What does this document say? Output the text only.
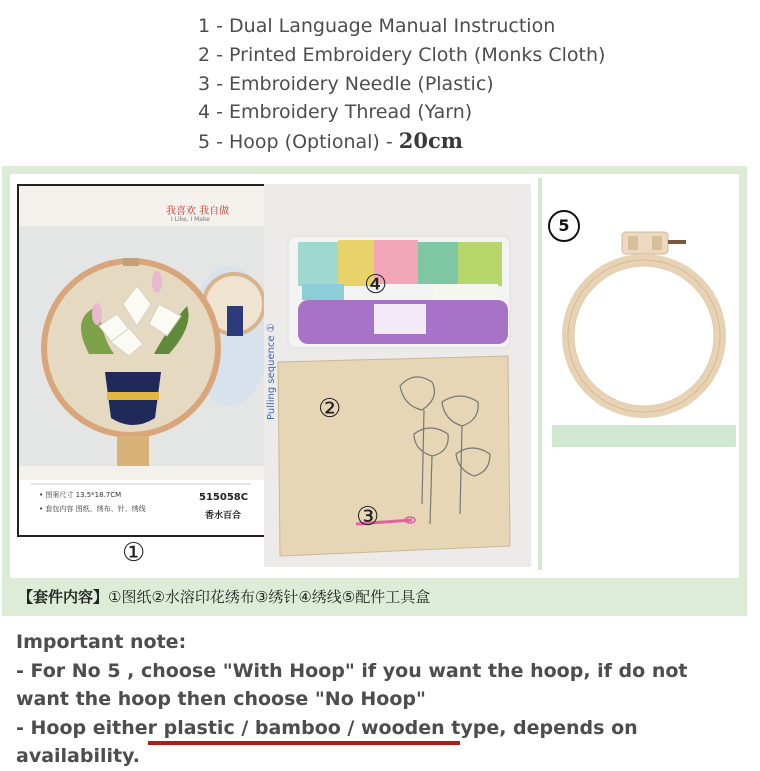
1 - Dual Language Manual Instruction
2 - Printed Embroidery Cloth (Monks Cloth)
3 - Embroidery Needle (Plastic)
4 - Embroidery Thread (Yarn)
5 - Hoop (Optional) - 20cm
我喜欢 我自做
I Like, I Make
• 图案尺寸 13.5*18.7CM
• 套包内容 图纸、绣布、针、绣线
515058C
香水百合
①
Pulling sequence ①
④
②
③
5
【套件内容】①图纸②水溶印花绣布③绣针④绣线⑤配件工具盒
Important note:
- For No 5 , choose "With Hoop" if you want the hoop, if do not want the hoop then choose "No Hoop"
- Hoop either plastic / bamboo / wooden type, depends on availability.
